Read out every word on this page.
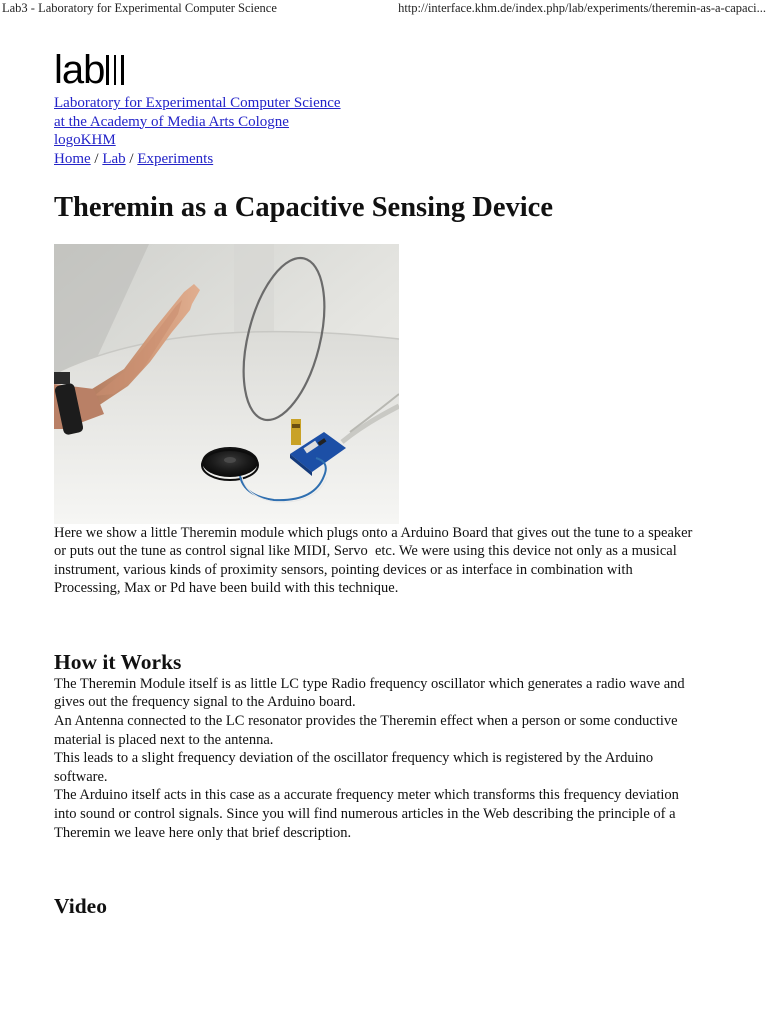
Lab3 - Laboratory for Experimental Computer Science	http://interface.khm.de/index.php/lab/experiments/theremin-as-a-capaci...
lab
Laboratory for Experimental Computer Science
at the Academy of Media Arts Cologne
logoKHM
Home / Lab / Experiments
Theremin as a Capacitive Sensing Device

Here we show a little Theremin module which plugs onto a Arduino Board that gives out the tune to a speaker
or puts out the tune as control signal like MIDI, Servo  etc. We were using this device not only as a musical
instrument, various kinds of proximity sensors, pointing devices or as interface in combination with
Processing, Max or Pd have been build with this technique.

How it Works

The Theremin Module itself is as little LC type Radio frequency oscillator which generates a radio wave and
gives out the frequency signal to the Arduino board.
An Antenna connected to the LC resonator provides the Theremin effect when a person or some conductive
material is placed next to the antenna.
This leads to a slight frequency deviation of the oscillator frequency which is registered by the Arduino
software.
The Arduino itself acts in this case as a accurate frequency meter which transforms this frequency deviation
into sound or control signals. Since you will find numerous articles in the Web describing the principle of a
Theremin we leave here only that brief description.

Video
